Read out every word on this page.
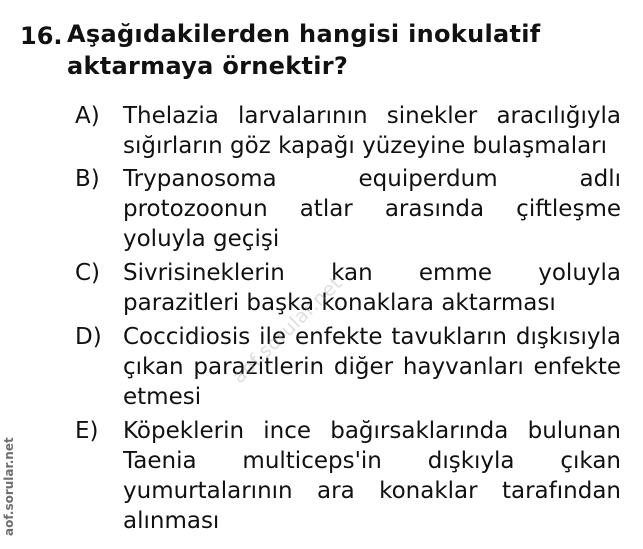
16. Aşağıdakilerden hangisi inokulatif aktarmaya örnektir?
A) Thelazia larvalarının sinekler aracılığıyla sığırların göz kapağı yüzeyine bulaşmaları
B) Trypanosoma equiperdum adlı protozoonun atlar arasında çiftleşme yoluyla geçişi
C) Sivrisineklerin kan emme yoluyla parazitleri başka konaklara aktarması
D) Coccidiosis ile enfekte tavukların dışkısıyla çıkan parazitlerin diğer hayvanları enfekte etmesi
E) Köpeklerin ince bağırsaklarında bulunan Taenia multiceps'in dışkıyla çıkan yumurtalarının ara konaklar tarafından alınması
aof.sorular.net
aof.sorular.net
